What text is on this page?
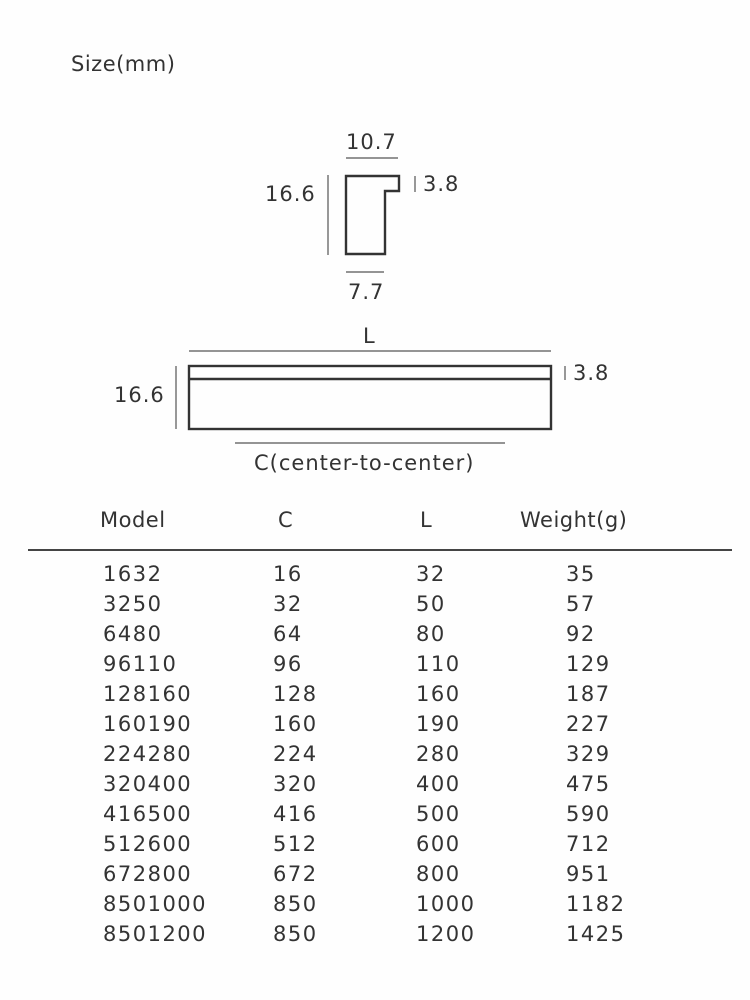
Size(mm)
10.7
16.6	3.8
7.7
L
16.6
3.8
C(center-to-center)
Model	C	L	Weight(g)
1632	16	32	35
3250	32	50	57
6480	64	80	92
96110	96	110	129
128160	128	160	187
160190	160	190	227
224280	224	280	329
320400	320	400	475
416500	416	500	590
512600	512	600	712
672800	672	800	951
8501000	850	1000	1182
8501200	850	1200	1425
